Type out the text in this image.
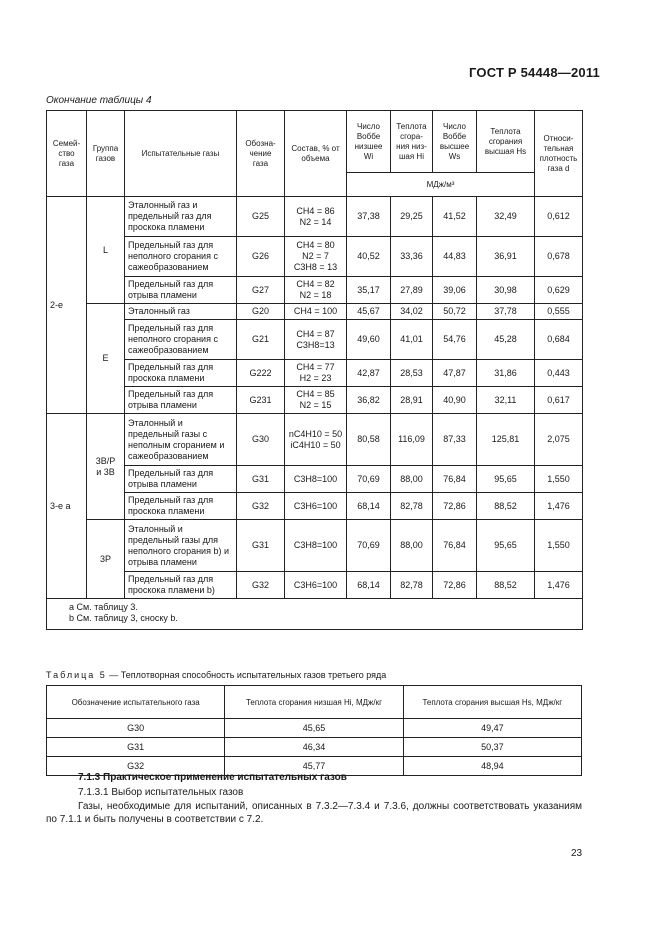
ГОСТ Р 54448—2011
Окончание таблицы 4
Семей-
ство
газа	Группа
газов	Испытательные газы	Обозна-
чение
газа	Состав, % от
объема	Число
Воббе
низшее
Wi	Теплота
сгора-
ния низ-
шая Hi	Число
Воббе
высшее
Ws	Теплота
сгорания
высшая Hs	Относи-
тельная
плотность
газа d
					МДж/м³				
2-е	L	Эталонный газ и предельный газ для проскока пламени	G25	CH4 = 86
N2 = 14	37,38	29,25	41,52	32,49	0,612
		Предельный газ для неполного сгорания с сажеобразованием	G26	CH4 = 80
N2 = 7
C3H8 = 13	40,52	33,36	44,83	36,91	0,678
		Предельный газ для отрыва пламени	G27	CH4 = 82
N2 = 18	35,17	27,89	39,06	30,98	0,629
	E	Эталонный газ	G20	CH4 = 100	45,67	34,02	50,72	37,78	0,555
		Предельный газ для неполного сгорания с сажеобразованием	G21	CH4 = 87
C3H8=13	49,60	41,01	54,76	45,28	0,684
		Предельный газ для проскока пламени	G222	CH4 = 77
H2 = 23	42,87	28,53	47,87	31,86	0,443
		Предельный газ для отрыва пламени	G231	CH4 = 85
N2 = 15	36,82	28,91	40,90	32,11	0,617
3-е a	3В/Р
и 3В	Эталонный и предельный газы с неполным сгоранием и сажеобразованием	G30	nC4H10 = 50
iC4H10 = 50	80,58	116,09	87,33	125,81	2,075
		Предельный газ для отрыва пламени	G31	C3H8=100	70,69	88,00	76,84	95,65	1,550
		Предельный газ для проскока пламени	G32	C3H6=100	68,14	82,78	72,86	88,52	1,476
	3Р	Эталонный и предельный газы для неполного сгорания b) и отрыва пламени	G31	C3H8=100	70,69	88,00	76,84	95,65	1,550
		Предельный газ для проскока пламени b)	G32	C3H6=100	68,14	82,78	72,86	88,52	1,476

a См. таблицу 3.
b См. таблицу 3, сноску b.									
Таблица 5 — Теплотворная способность испытательных газов третьего ряда
Обозначение испытательного газа	Теплота сгорания низшая Hi, МДж/кг	Теплота сгорания высшая Hs, МДж/кг
G30	45,65	49,47
G31	46,34	50,37
G32	45,77	48,94
7.1.3 Практическое применение испытательных газов
7.1.3.1 Выбор испытательных газов
Газы, необходимые для испытаний, описанных в 7.3.2—7.3.4 и 7.3.6, должны соответствовать указаниям по 7.1.1 и быть получены в соответствии с 7.2.
23
